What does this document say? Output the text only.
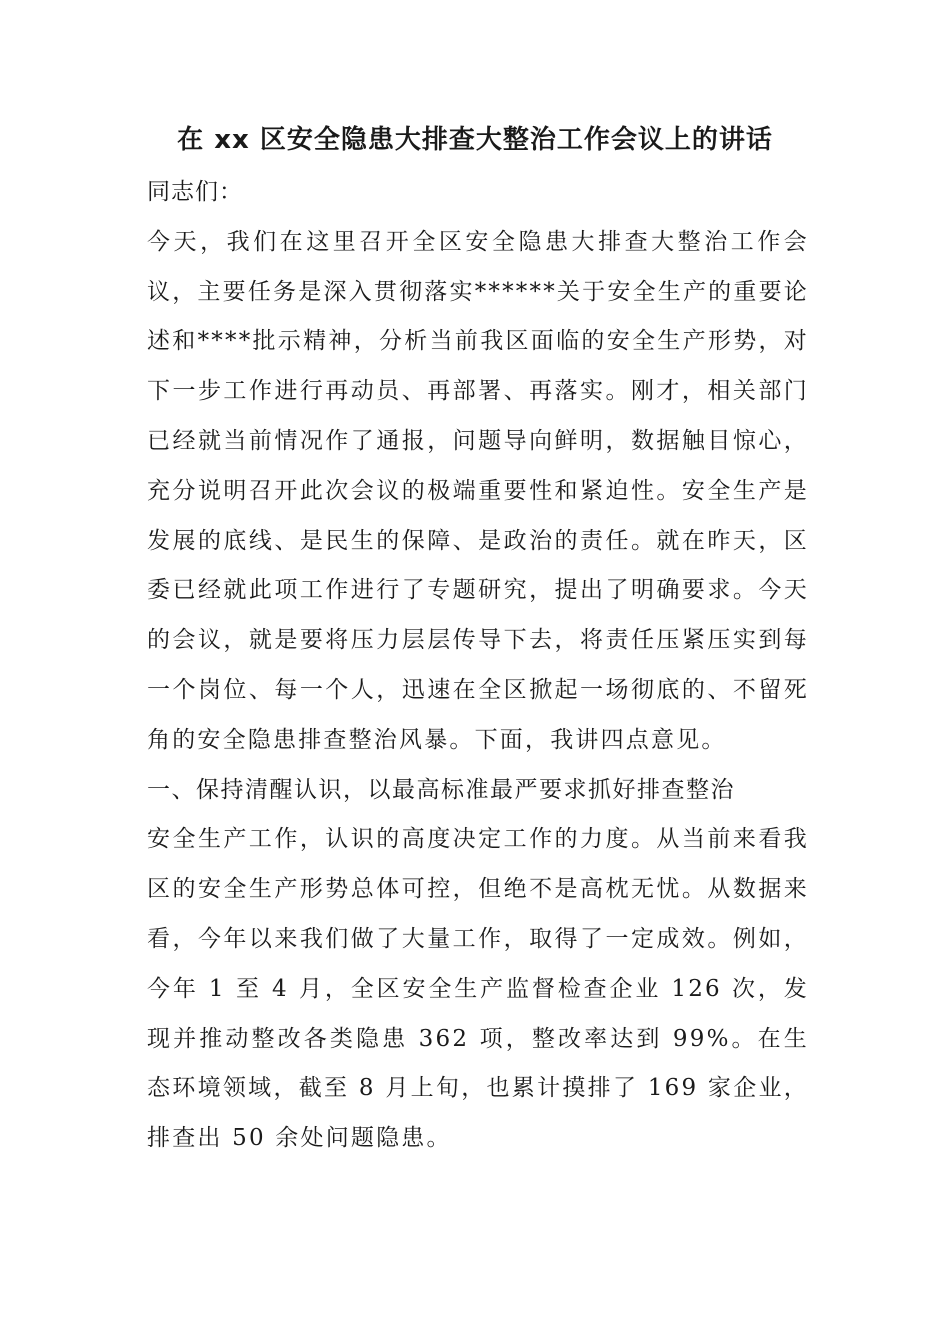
在 xx 区安全隐患大排查大整治工作会议上的讲话

同志们：

今天，我们在这里召开全区安全隐患大排查大整治工作会议，主要任务是深入贯彻落实******关于安全生产的重要论述和****批示精神，分析当前我区面临的安全生产形势，对下一步工作进行再动员、再部署、再落实。刚才，相关部门已经就当前情况作了通报，问题导向鲜明，数据触目惊心，充分说明召开此次会议的极端重要性和紧迫性。安全生产是发展的底线、是民生的保障、是政治的责任。就在昨天，区委已经就此项工作进行了专题研究，提出了明确要求。今天的会议，就是要将压力层层传导下去，将责任压紧压实到每一个岗位、每一个人，迅速在全区掀起一场彻底的、不留死角的安全隐患排查整治风暴。下面，我讲四点意见。

一、保持清醒认识，以最高标准最严要求抓好排查整治

安全生产工作，认识的高度决定工作的力度。从当前来看我区的安全生产形势总体可控，但绝不是高枕无忧。从数据来看，今年以来我们做了大量工作，取得了一定成效。例如，今年 1 至 4 月，全区安全生产监督检查企业 126 次，发现并推动整改各类隐患 362 项，整改率达到 99%。在生态环境领域，截至 8 月上旬，也累计摸排了 169 家企业，排查出 50 余处问题隐患。
